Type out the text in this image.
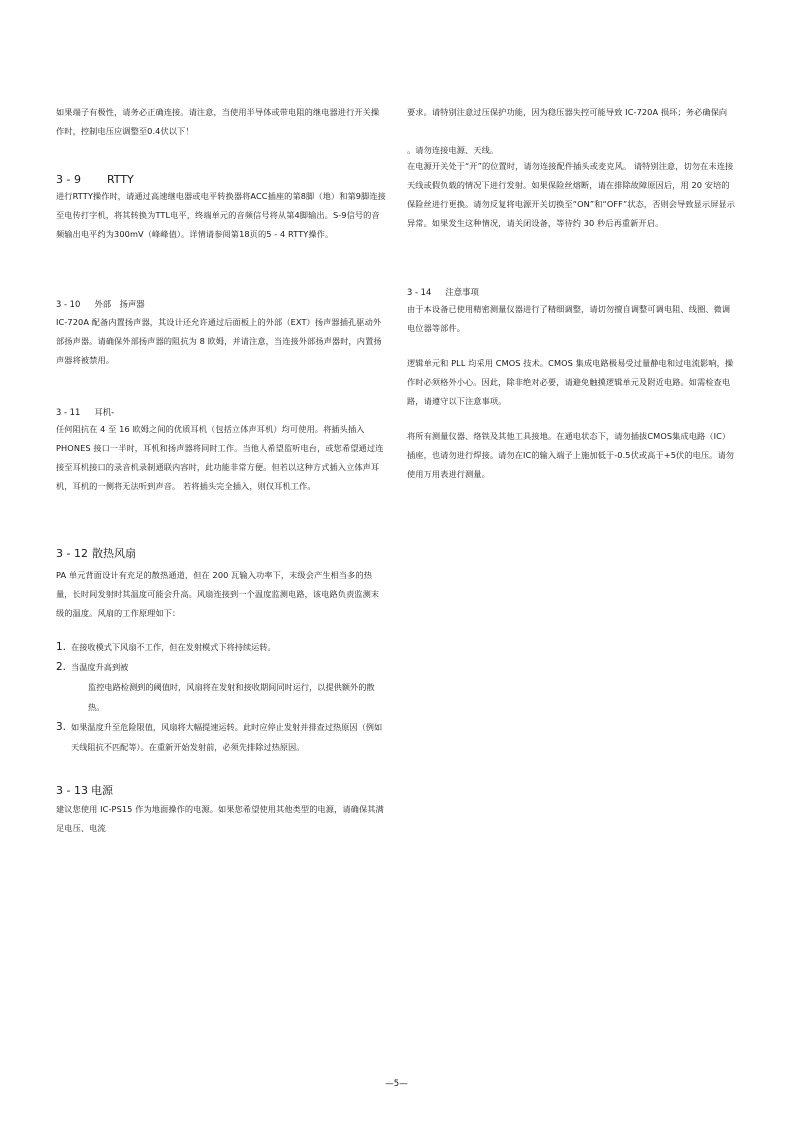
如果端子有极性，请务必正确连接。请注意，当使用半导体或带电阻的继电器进行开关操作时，控制电压应调整至0.4伏以下！

3 - 9 RTTY

进行RTTY操作时，请通过高速继电器或电平转换器将ACC插座的第8脚（地）和第9脚连接至电传打字机，将其转换为TTL电平，终端单元的音频信号将从第4脚输出。S-9信号的音频输出电平约为300mV（峰峰值）。详情请参阅第18页的5 - 4 RTTY操作。

3 - 10 外部　扬声器

IC-720A 配备内置扬声器，其设计还允许通过后面板上的外部（EXT）扬声器插孔驱动外部扬声器。请确保外部扬声器的阻抗为 8 欧姆，并请注意，当连接外部扬声器时，内置扬声器将被禁用。

3 - 11 耳机-

任何阻抗在 4 至 16 欧姆之间的优质耳机（包括立体声耳机）均可使用。将插头插入 PHONES 接口一半时，耳机和扬声器将同时工作。当他人希望监听电台，或您希望通过连接至耳机接口的录音机录制通联内容时，此功能非常方便。但若以这种方式插入立体声耳机，耳机的一侧将无法听到声音。 若将插头完全插入，则仅耳机工作。

3 - 12 散热风扇

PA 单元背面设计有充足的散热通道，但在 200 瓦输入功率下，末级会产生相当多的热量，长时间发射时其温度可能会升高。风扇连接到一个温度监测电路，该电路负责监测末级的温度。风扇的工作原理如下：

1. 在接收模式下风扇不工作，但在发射模式下将持续运转。
2. 当温度升高到被
监控电路检测到的阈值时，风扇将在发射和接收期间同时运行，以提供额外的散热。
3. 如果温度升至危险限值，风扇将大幅提速运转。此时应停止发射并排查过热原因（例如天线阻抗不匹配等）。在重新开始发射前，必须先排除过热原因。
3 - 13 电源

建议您使用 IC-PS15 作为地面操作的电源。如果您希望使用其他类型的电源，请确保其满足电压、电流

要求。请特别注意过压保护功能，因为稳压器失控可能导致 IC-720A 损坏；务必确保向

。请勿连接电源、天线。

在电源开关处于“开”的位置时，请勿连接配件插头或麦克风。 请特别注意，切勿在未连接天线或假负载的情况下进行发射。如果保险丝熔断，请在排除故障原因后，用 20 安培的保险丝进行更换。请勿反复将电源开关切换至“ON”和“OFF”状态，否则会导致显示屏显示异常。如果发生这种情况，请关闭设备，等待约 30 秒后再重新开启。

3 - 14 注意事项

由于本设备已使用精密测量仪器进行了精细调整，请切勿擅自调整可调电阻、线圈、微调电位器等部件。

逻辑单元和 PLL 均采用 CMOS 技术。CMOS 集成电路极易受过量静电和过电流影响，操作时必须格外小心。因此，除非绝对必要，请避免触摸逻辑单元及附近电路。如需检查电路，请遵守以下注意事项。

将所有测量仪器、烙铁及其他工具接地。在通电状态下，请勿插拔CMOS集成电路（IC）插座，也请勿进行焊接。请勿在IC的输入端子上施加低于-0.5伏或高于+5伏的电压。请勿使用万用表进行测量。

—5—
